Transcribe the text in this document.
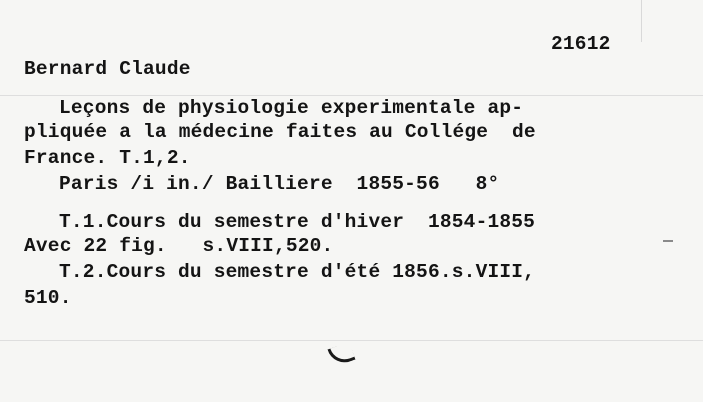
21612
Bernard Claude
Leçons de physiologie experimentale ap-
pliquée a la médecine faites au Collége  de
France. T.1,2.
Paris /i in./ Bailliere  1855-56   8°
T.1.Cours du semestre d'hiver  1854-1855
Avec 22 fig.   s.VIII,520.
T.2.Cours du semestre d'été 1856.s.VIII,
510.
